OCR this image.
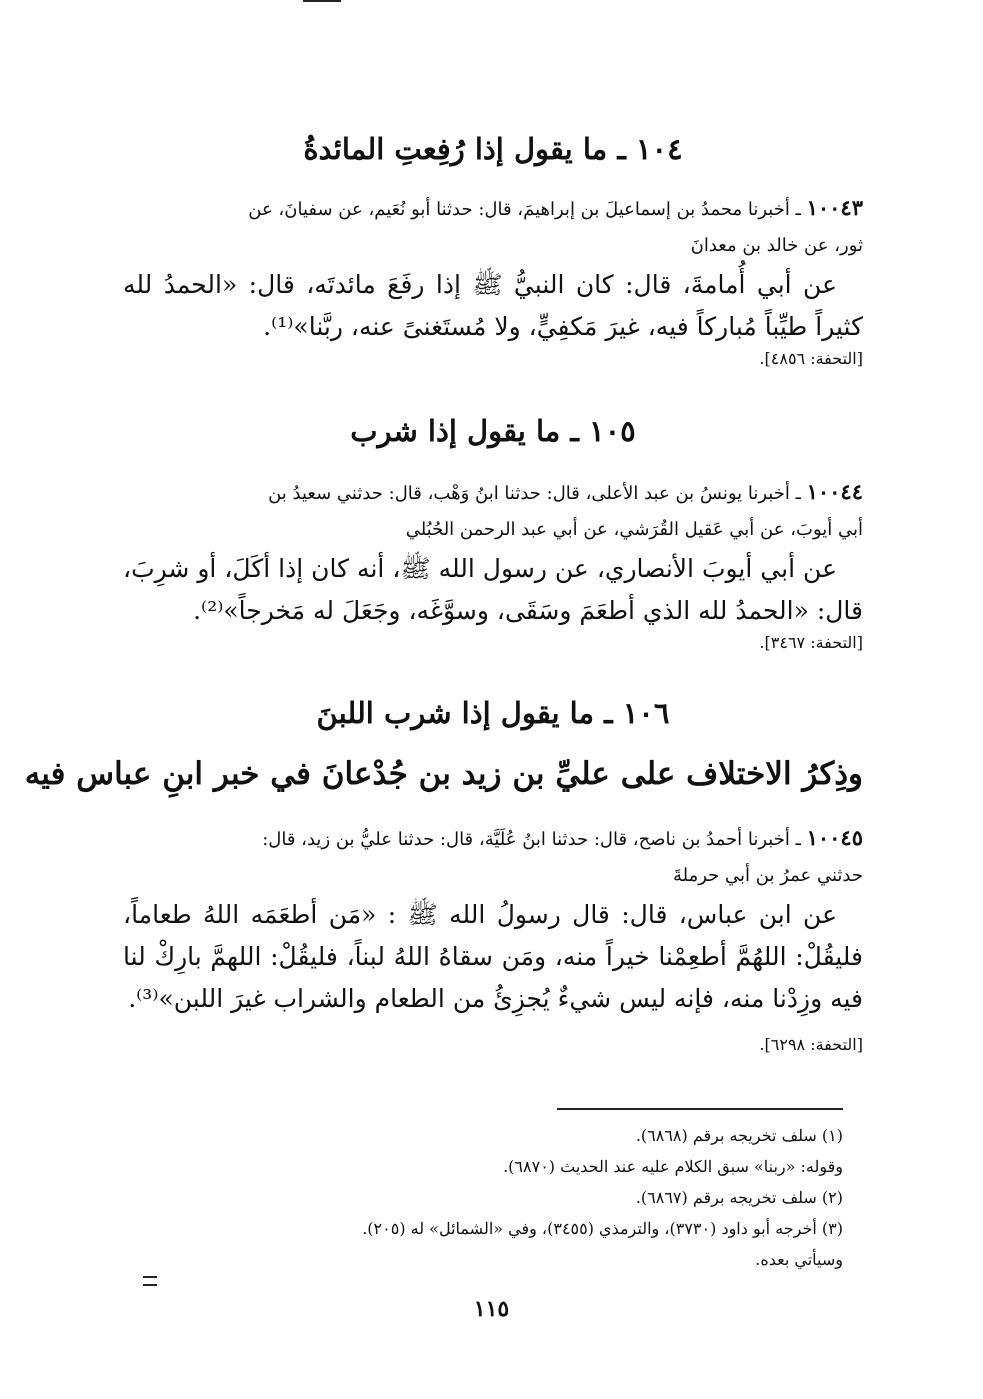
١٠٤ ـ ما يقول إذا رُفِعتِ المائدةُ
١٠٠٤٣ ـ أخبرنا محمدُ بن إسماعيلَ بن إبراهيمَ، قال: حدثنا أبو نُعَيم، عن سفيانَ، عن
ثور، عن خالد بن معدانَ
عن أبي أُمامةَ، قال: كان النبيُّ ﷺ إذا رفَعَ مائدتَه، قال: «الحمدُ لله كثيراً طيِّباً مُباركاً فيه، غيرَ مَكفِيٍّ، ولا مُستَغنىً عنه، ربَّنا»⁽¹⁾.
[التحفة: ٤٨٥٦].
١٠٥ ـ ما يقول إذا شرب
١٠٠٤٤ ـ أخبرنا يونسُ بن عبد الأعلى، قال: حدثنا ابنُ وَهْب، قال: حدثني سعيدُ بن
أبي أيوبَ، عن أبي عَقيل القُرَشي، عن أبي عبد الرحمن الحُبُلي
عن أبي أيوبَ الأنصاري، عن رسول الله ﷺ، أنه كان إذا أكَلَ، أو شرِبَ، قال: «الحمدُ لله الذي أطعَمَ وسَقَى، وسوَّغَه، وجَعَلَ له مَخرجاً»⁽²⁾.
[التحفة: ٣٤٦٧].
١٠٦ ـ ما يقول إذا شرب اللبنَ
وذِكرُ الاختلاف على عليِّ بن زيد بن جُدْعانَ في خبر ابنِ عباس فيه
١٠٠٤٥ ـ أخبرنا أحمدُ بن ناصح، قال: حدثنا ابنُ عُلَيَّة، قال: حدثنا عليُّ بن زيد، قال:
حدثني عمرُ بن أبي حرملةَ
عن ابن عباس، قال: قال رسولُ الله ﷺ : «مَن أطعَمَه اللهُ طعاماً، فليقُلْ: اللهُمَّ أطعِمْنا خيراً منه، ومَن سقاهُ اللهُ لبناً، فليقُلْ: اللهمَّ بارِكْ لنا فيه وزِدْنا منه، فإنه ليس شيءٌ يُجزِئُ من الطعام والشراب غيرَ اللبن»⁽³⁾.
[التحفة: ٦٢٩٨].
(١) سلف تخريجه برقم (٦٨٦٨).
وقوله: «ربنا» سبق الكلام عليه عند الحديث (٦٨٧٠).
(٢) سلف تخريجه برقم (٦٨٦٧).
(٣) أخرجه أبو داود (٣٧٣٠)، والترمذي (٣٤٥٥)، وفي «الشمائل» له (٢٠٥).
وسيأتي بعده.
١١٥
